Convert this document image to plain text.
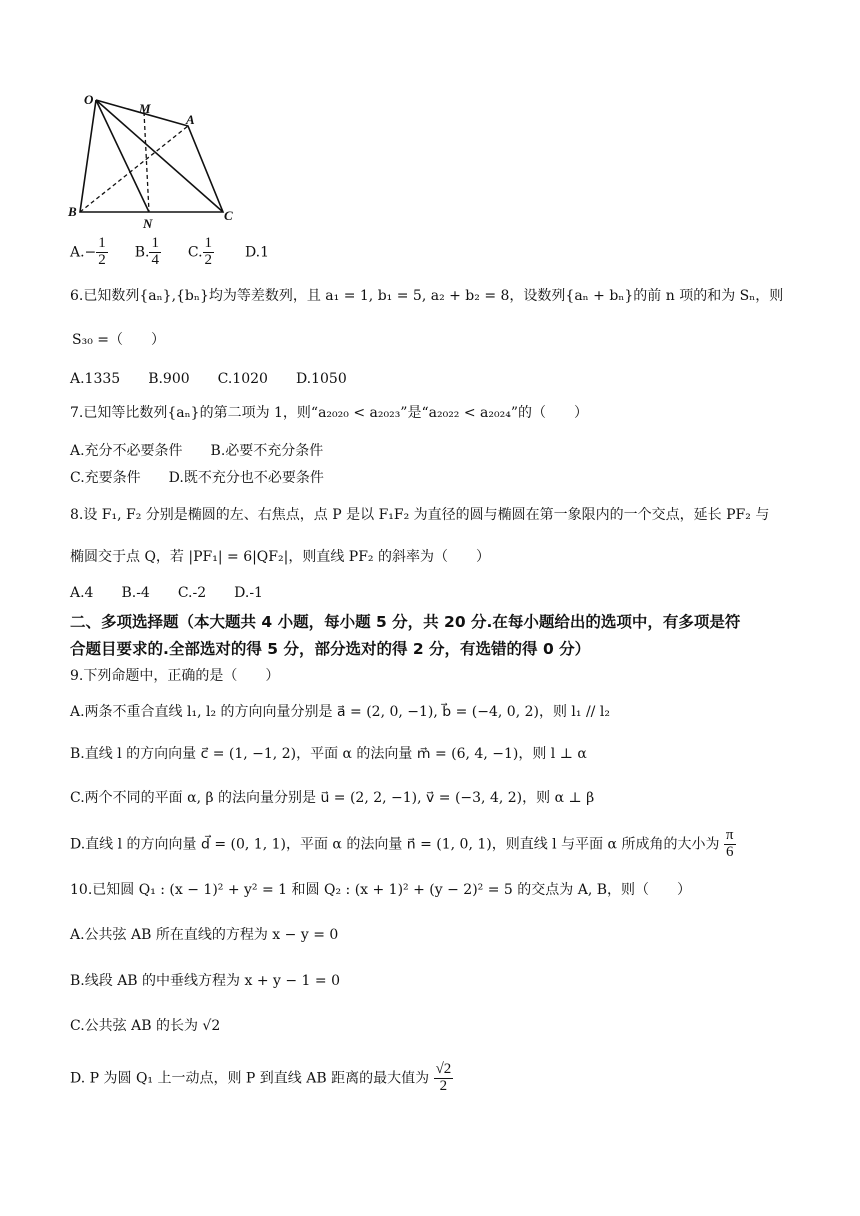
O
M
A
B
N
C
$A.- \frac{1}{2} B$. $\frac{1}{4} C$. $\frac{1}{2} D.1$
6.已知数列{aₙ},{bₙ}均为等差数列，且 a₁ = 1, b₁ = 5, a₂ + b₂ = 8，设数列{aₙ + bₙ}的前 n 项的和为 Sₙ，则
S₃₀ =（　　）
A.1335　　B.900　　C.1020　　D.1050
7.已知等比数列{aₙ}的第二项为 1，则“a₂₀₂₀ < a₂₀₂₃”是“a₂₀₂₂ < a₂₀₂₄”的（　　）
A.充分不必要条件　　B.必要不充分条件
C.充要条件　　D.既不充分也不必要条件
8.设 F₁, F₂ 分别是椭圆的左、右焦点，点 P 是以 F₁F₂ 为直径的圆与椭圆在第一象限内的一个交点，延长 PF₂ 与
椭圆交于点 Q，若 |PF₁| = 6|QF₂|，则直线 PF₂ 的斜率为（　　）
A.4　　B.-4　　C.-2　　D.-1
二、多项选择题（本大题共 4 小题，每小题 5 分，共 20 分.在每小题给出的选项中，有多项是符
合题目要求的.全部选对的得 5 分，部分选对的得 2 分，有选错的得 0 分）
9.下列命题中，正确的是（　　）
A.两条不重合直线 l₁, l₂ 的方向向量分别是 a⃗ = (2, 0, −1), b⃗ = (−4, 0, 2)，则 l₁ // l₂
B.直线 l 的方向向量 c⃗ = (1, −1, 2)，平面 α 的法向量 m⃗ = (6, 4, −1)，则 l ⊥ α
C.两个不同的平面 α, β 的法向量分别是 u⃗ = (2, 2, −1), v⃗ = (−3, 4, 2)，则 α ⊥ β
D.直线 l 的方向向量 d⃗ = (0, 1, 1)，平面 α 的法向量 n⃗ = (1, 0, 1)，则直线 l 与平面 α 所成角的大小为 $\frac{\pi}{6}$
10.已知圆 Q₁ : (x − 1)² + y² = 1 和圆 Q₂ : (x + 1)² + (y − 2)² = 5 的交点为 A, B，则（　　）
A.公共弦 AB 所在直线的方程为 x − y = 0
B.线段 AB 的中垂线方程为 x + y − 1 = 0
C.公共弦 AB 的长为 √2
D. P 为圆 Q₁ 上一动点，则 P 到直线 AB 距离的最大值为 $\frac{√2}{2}$
